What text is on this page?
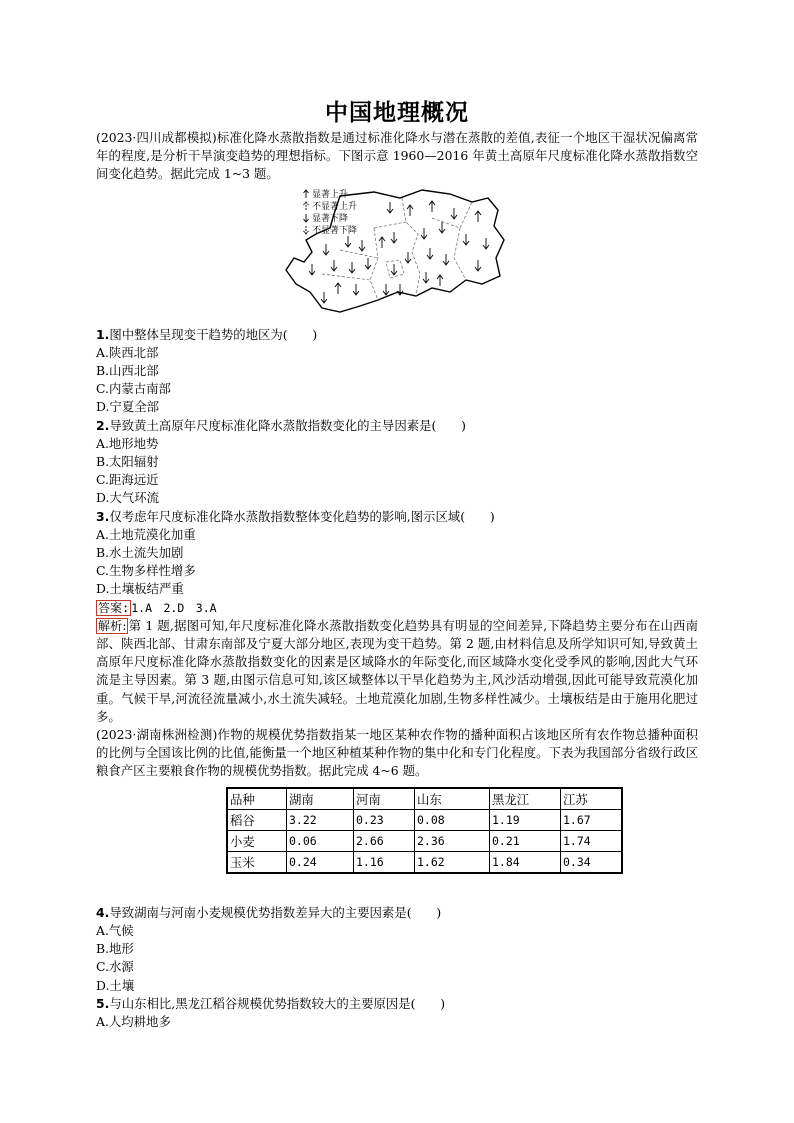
中国地理概况

(2023·四川成都模拟)标准化降水蒸散指数是通过标准化降水与潜在蒸散的差值,表征一个地区干湿状况偏离常年的程度,是分析干旱演变趋势的理想指标。下图示意 1960—2016 年黄土高原年尺度标准化降水蒸散指数空间变化趋势。据此完成 1~3 题。

显著上升
不显著上升
显著下降
不显著下降

1.图中整体呈现变干趋势的地区为(　　)

A.陕西北部

B.山西北部

C.内蒙古南部

D.宁夏全部

2.导致黄土高原年尺度标准化降水蒸散指数变化的主导因素是(　　)

A.地形地势

B.太阳辐射

C.距海远近

D.大气环流

3.仅考虑年尺度标准化降水蒸散指数整体变化趋势的影响,图示区域(　　)

A.土地荒漠化加重

B.水土流失加剧

C.生物多样性增多

D.土壤板结严重

答案: 1.A　2.D　3.A

解析: 第 1 题,据图可知,年尺度标准化降水蒸散指数变化趋势具有明显的空间差异,下降趋势主要分布在山西南部、陕西北部、甘肃东南部及宁夏大部分地区,表现为变干趋势。第 2 题,由材料信息及所学知识可知,导致黄土高原年尺度标准化降水蒸散指数变化的因素是区域降水的年际变化,而区域降水变化受季风的影响,因此大气环流是主导因素。第 3 题,由图示信息可知,该区域整体以干旱化趋势为主,风沙活动增强,因此可能导致荒漠化加重。气候干旱,河流径流量减小,水土流失减轻。土地荒漠化加剧,生物多样性减少。土壤板结是由于施用化肥过多。

(2023·湖南株洲检测)作物的规模优势指数指某一地区某种农作物的播种面积占该地区所有农作物总播种面积的比例与全国该比例的比值,能衡量一个地区种植某种作物的集中化和专门化程度。下表为我国部分省级行政区粮食产区主要粮食作物的规模优势指数。据此完成 4~6 题。

品种	湖南	河南	山东	黑龙江	江苏
稻谷	3.22	0.23	0.08	1.19	1.67
小麦	0.06	2.66	2.36	0.21	1.74
玉米	0.24	1.16	1.62	1.84	0.34

4.导致湖南与河南小麦规模优势指数差异大的主要因素是(　　)

A.气候

B.地形

C.水源

D.土壤

5.与山东相比,黑龙江稻谷规模优势指数较大的主要原因是(　　)

A.人均耕地多
